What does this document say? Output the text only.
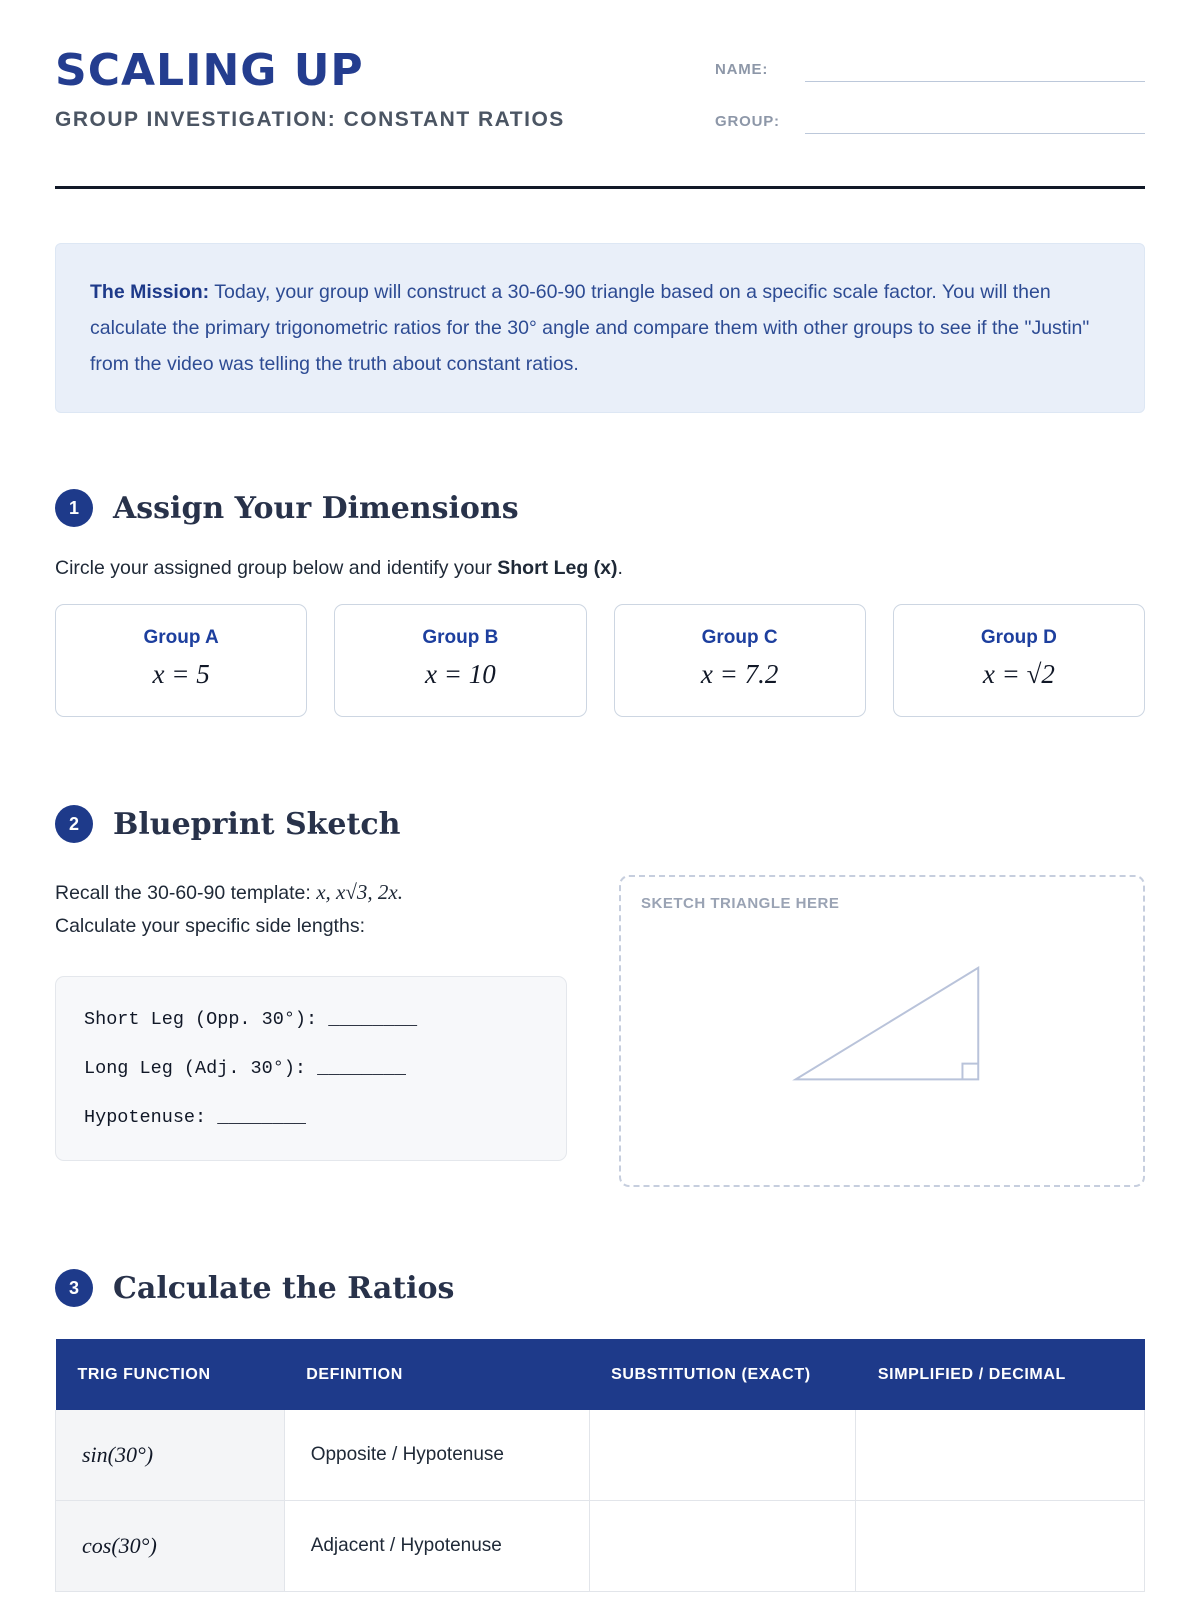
SCALING UP
GROUP INVESTIGATION: CONSTANT RATIOS
NAME:
GROUP:
The Mission: Today, your group will construct a 30-60-90 triangle based on a specific scale factor. You will then calculate the primary trigonometric ratios for the 30° angle and compare them with other groups to see if the "Justin" from the video was telling the truth about constant ratios.
1	Assign Your Dimensions
Circle your assigned group below and identify your Short Leg (x).
Group A
x = 5
Group B
x = 10
Group C
x = 7.2
Group D
x = √2
2	Blueprint Sketch

Recall the 30-60-90 template: x, x√3, 2x.
Calculate your specific side lengths:

Short Leg (Opp. 30°): ________
Long Leg (Adj. 30°): ________
Hypotenuse: ________
SKETCH TRIANGLE HERE
3	Calculate the Ratios
TRIG FUNCTION	DEFINITION	SUBSTITUTION (EXACT)	SIMPLIFIED / DECIMAL
sin(30°)	Opposite / Hypotenuse		
cos(30°)	Adjacent / Hypotenuse		
